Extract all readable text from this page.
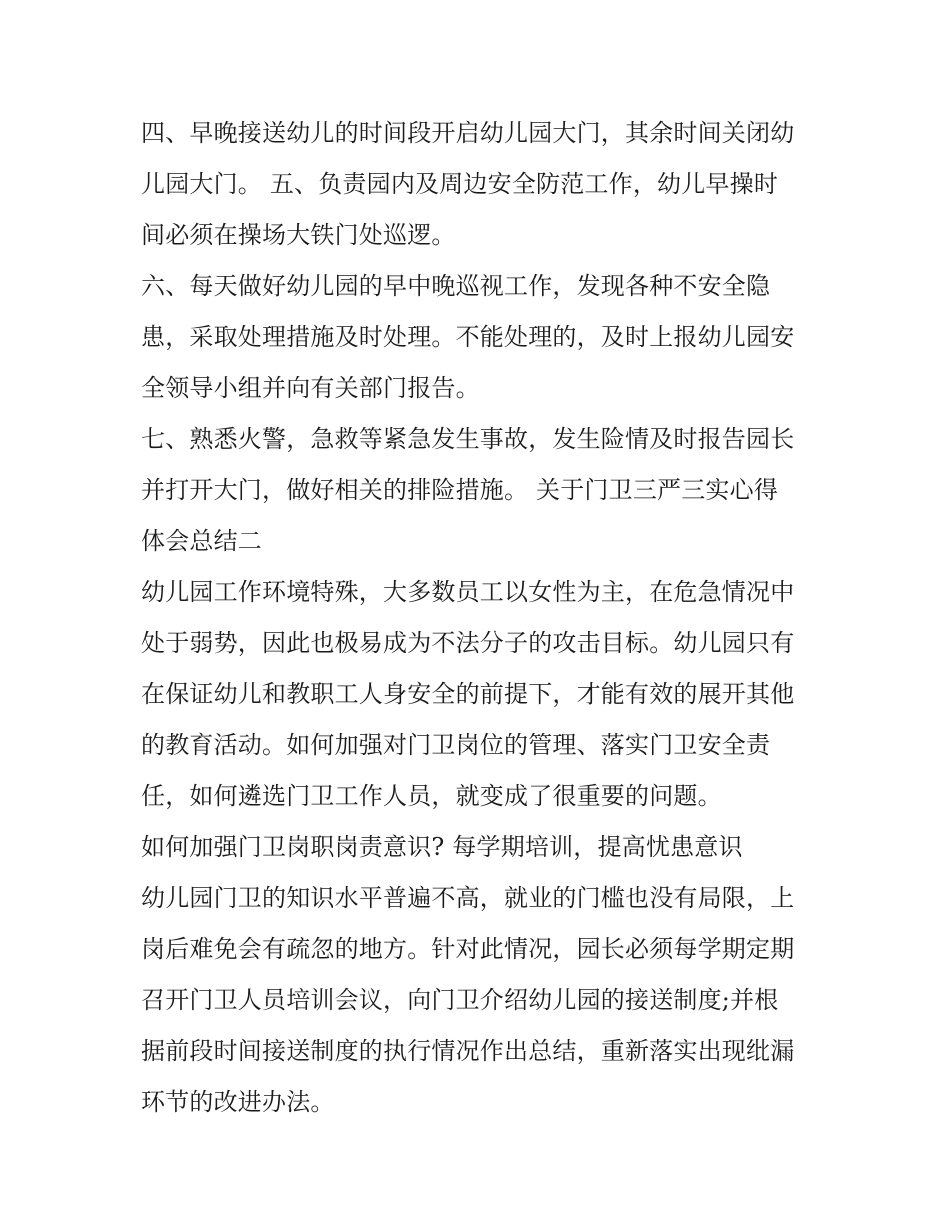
四、早晚接送幼儿的时间段开启幼儿园大门，其余时间关闭幼
儿园大门。 五、负责园内及周边安全防范工作，幼儿早操时
间必须在操场大铁门处巡逻。

六、每天做好幼儿园的早中晚巡视工作，发现各种不安全隐
患，采取处理措施及时处理。不能处理的，及时上报幼儿园安
全领导小组并向有关部门报告。

七、熟悉火警，急救等紧急发生事故，发生险情及时报告园长
并打开大门，做好相关的排险措施。 关于门卫三严三实心得
体会总结二

幼儿园工作环境特殊，大多数员工以女性为主，在危急情况中
处于弱势，因此也极易成为不法分子的攻击目标。幼儿园只有
在保证幼儿和教职工人身安全的前提下，才能有效的展开其他
的教育活动。如何加强对门卫岗位的管理、落实门卫安全责
任，如何遴选门卫工作人员，就变成了很重要的问题。

如何加强门卫岗职岗责意识? 每学期培训，提高忧患意识

幼儿园门卫的知识水平普遍不高，就业的门槛也没有局限，上
岗后难免会有疏忽的地方。针对此情况，园长必须每学期定期
召开门卫人员培训会议，向门卫介绍幼儿园的接送制度;并根
据前段时间接送制度的执行情况作出总结，重新落实出现纰漏
环节的改进办法。
